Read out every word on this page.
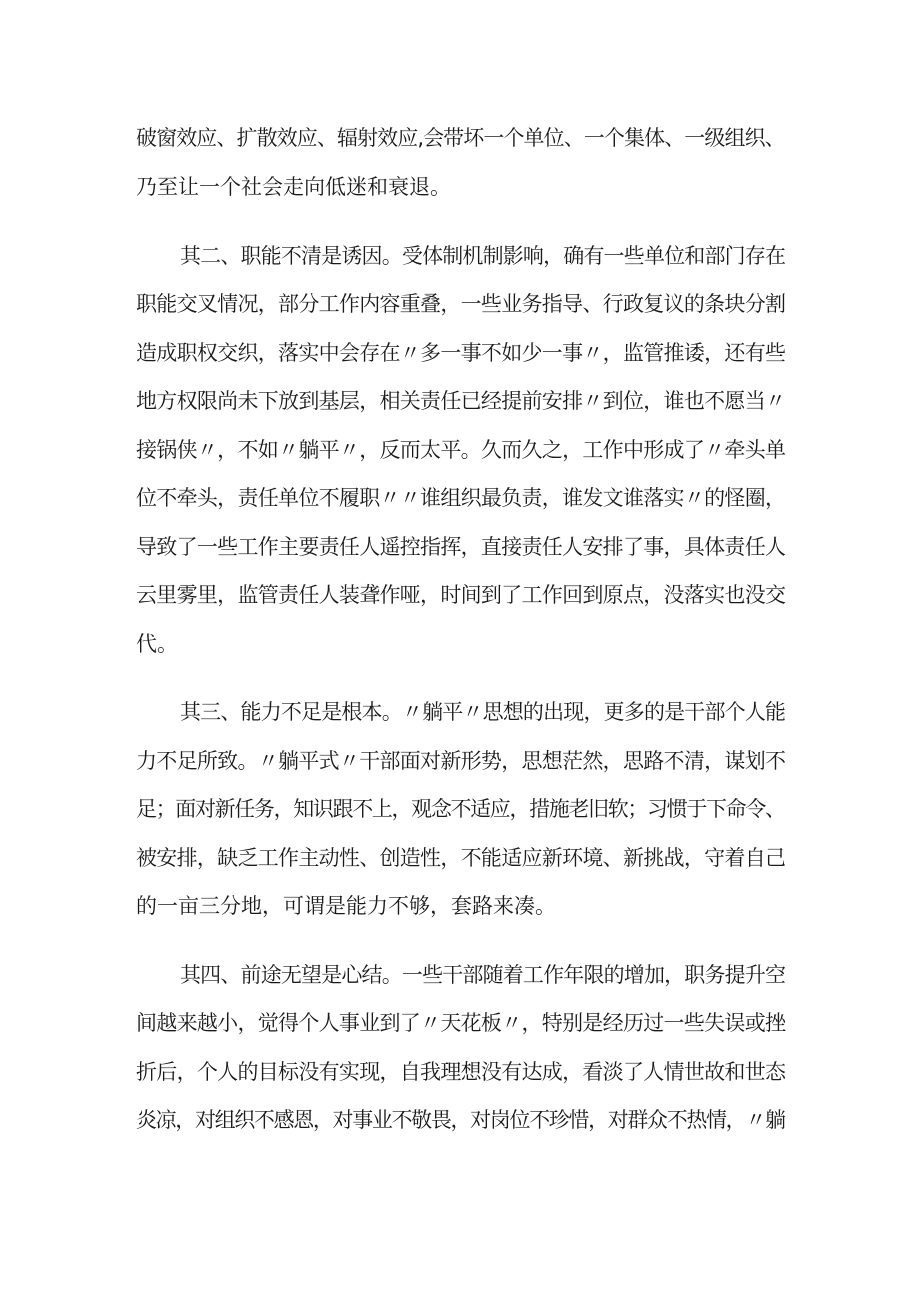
破窗效应、扩散效应、辐射效应,会带坏一个单位、一个集体、一级组织、
乃至让一个社会走向低迷和衰退。
其二、职能不清是诱因。受体制机制影响，确有一些单位和部门存在
职能交叉情况，部分工作内容重叠，一些业务指导、行政复议的条块分割
造成职权交织，落实中会存在〃多一事不如少一事〃，监管推诿，还有些
地方权限尚未下放到基层，相关责任已经提前安排〃到位，谁也不愿当〃
接锅侠〃，不如〃躺平〃，反而太平。久而久之，工作中形成了〃牵头单
位不牵头，责任单位不履职〃〃谁组织最负责，谁发文谁落实〃的怪圈，
导致了一些工作主要责任人遥控指挥，直接责任人安排了事，具体责任人
云里雾里，监管责任人装聋作哑，时间到了工作回到原点，没落实也没交
代。
其三、能力不足是根本。〃躺平〃思想的出现，更多的是干部个人能
力不足所致。〃躺平式〃干部面对新形势，思想茫然，思路不清，谋划不
足；面对新任务，知识跟不上，观念不适应，措施老旧软；习惯于下命令、
被安排，缺乏工作主动性、创造性，不能适应新环境、新挑战，守着自己
的一亩三分地，可谓是能力不够，套路来凑。
其四、前途无望是心结。一些干部随着工作年限的增加，职务提升空
间越来越小，觉得个人事业到了〃天花板〃，特别是经历过一些失误或挫
折后，个人的目标没有实现，自我理想没有达成，看淡了人情世故和世态
炎凉，对组织不感恩，对事业不敬畏，对岗位不珍惜，对群众不热情，〃躺
